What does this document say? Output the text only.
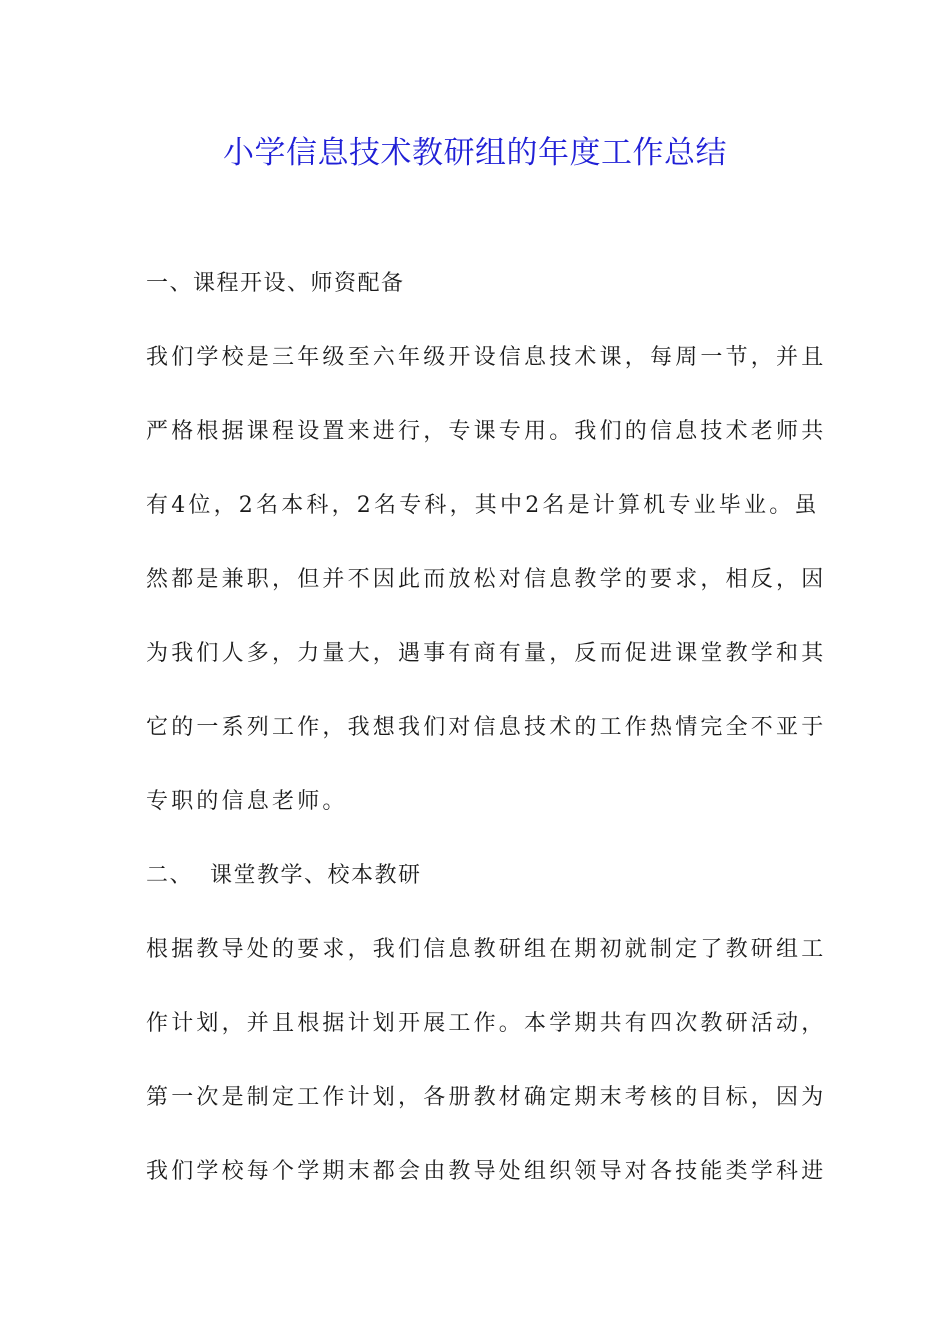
小学信息技术教研组的年度工作总结
一、课程开设、师资配备
我们学校是三年级至六年级开设信息技术课，每周一节，并且
严格根据课程设置来进行，专课专用。我们的信息技术老师共
有4位，2名本科，2名专科，其中2名是计算机专业毕业。虽
然都是兼职，但并不因此而放松对信息教学的要求，相反，因
为我们人多，力量大，遇事有商有量，反而促进课堂教学和其
它的一系列工作，我想我们对信息技术的工作热情完全不亚于
专职的信息老师。
二、  课堂教学、校本教研
根据教导处的要求，我们信息教研组在期初就制定了教研组工
作计划，并且根据计划开展工作。本学期共有四次教研活动，
第一次是制定工作计划，各册教材确定期末考核的目标，因为
我们学校每个学期末都会由教导处组织领导对各技能类学科进
